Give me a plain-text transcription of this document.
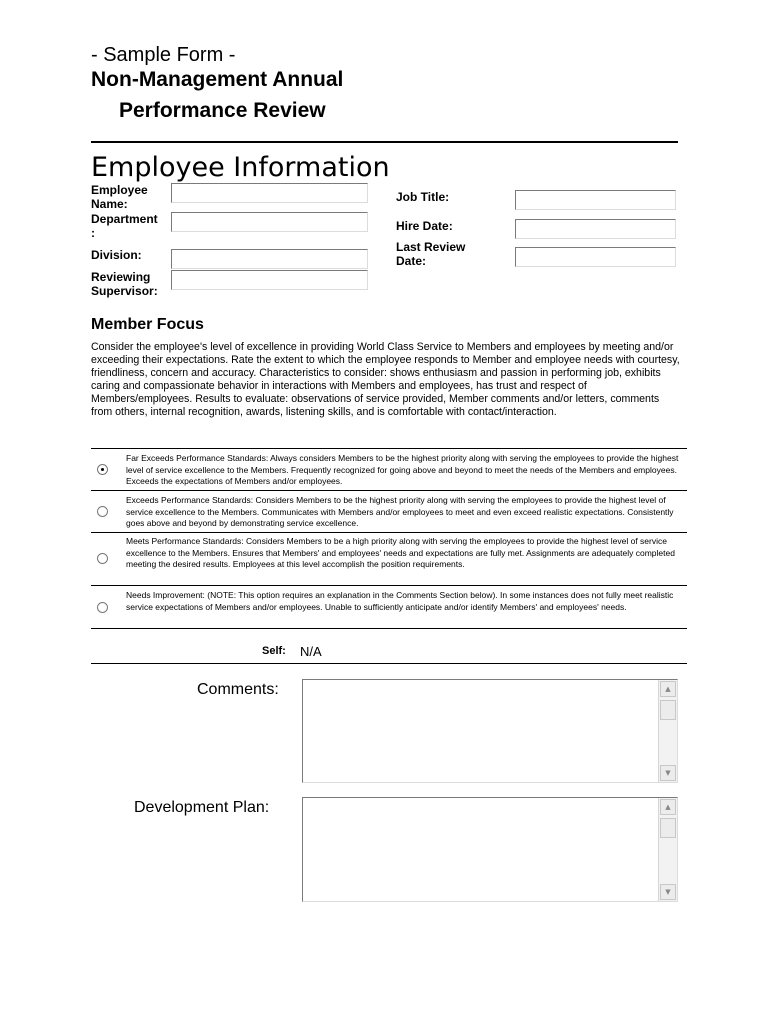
- Sample Form -
Non-Management Annual
Performance Review
Employee Information
Employee Name:
Department :
Division:
Reviewing Supervisor:
Job Title:
Hire Date:
Last Review Date:
Member Focus
Consider the employee's level of excellence in providing World Class Service to Members and employees by meeting and/or exceeding their expectations. Rate the extent to which the employee responds to Member and employee needs with courtesy, friendliness, concern and accuracy. Characteristics to consider: shows enthusiasm and passion in performing job, exhibits caring and compassionate behavior in interactions with Members and employees, has trust and respect of Members/employees. Results to evaluate: observations of service provided, Member comments and/or letters, comments from others, internal recognition, awards, listening skills, and is comfortable with contact/interaction.
Far Exceeds Performance Standards: Always considers Members to be the highest priority along with serving the employees to provide the highest level of service excellence to the Members. Frequently recognized for going above and beyond to meet the needs of the Members and employees. Exceeds the expectations of Members and/or employees.
Exceeds Performance Standards: Considers Members to be the highest priority along with serving the employees to provide the highest level of service excellence to the Members. Communicates with Members and/or employees to meet and even exceed realistic expectations. Consistently goes above and beyond by demonstrating service excellence.
Meets Performance Standards: Considers Members to be a high priority along with serving the employees to provide the highest level of service excellence to the Members. Ensures that Members' and employees' needs and expectations are fully met. Assignments are adequately completed meeting the desired results. Employees at this level accomplish the position requirements.
Needs Improvement: (NOTE: This option requires an explanation in the Comments Section below). In some instances does not fully meet realistic service expectations of Members and/or employees. Unable to sufficiently anticipate and/or identify Members' and employees' needs.
Self: N/A
Comments:	▲
▼
Development Plan:	▲
▼
